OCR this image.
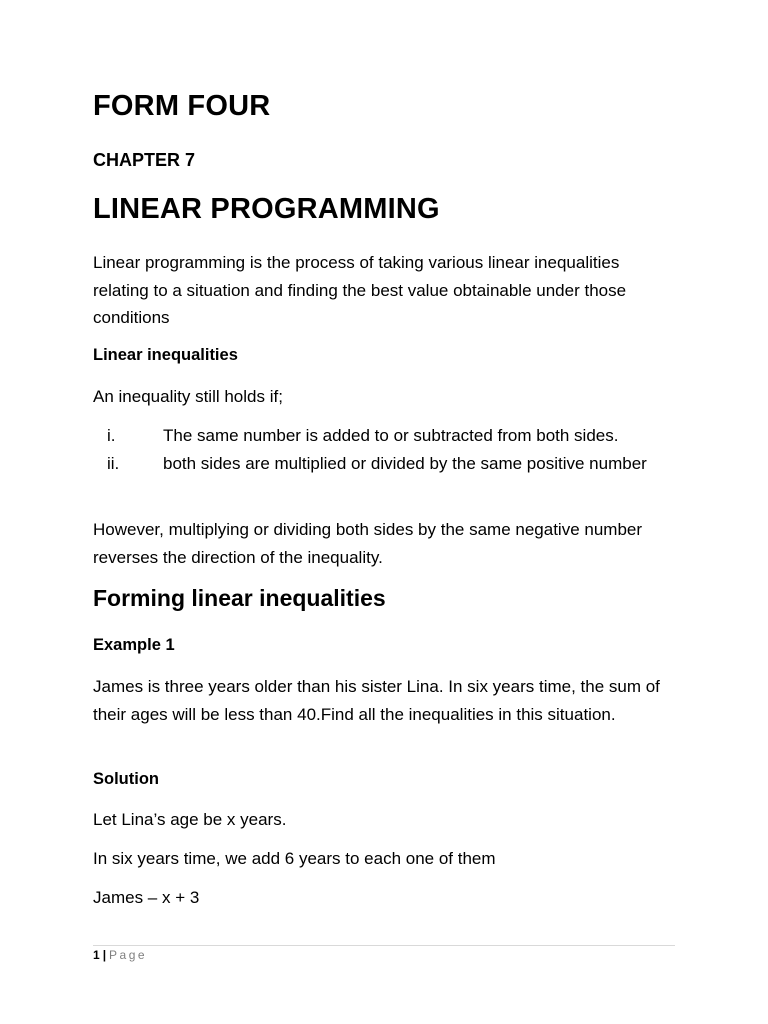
FORM FOUR
CHAPTER 7
LINEAR PROGRAMMING

Linear programming is the process of taking various linear inequalities relating to a situation and finding the best value obtainable under those conditions

Linear inequalities

An inequality still holds if;

i.	The same number is added to or subtracted from both sides.
ii.	both sides are multiplied or divided by the same positive number

However, multiplying or dividing both sides by the same negative number reverses the direction of the inequality.

Forming linear inequalities
Example 1

James is three years older than his sister Lina. In six years time, the sum of their ages will be less than 40.Find all the inequalities in this situation.

Solution

Let Lina’s age be x years.

In six years time, we add 6 years to each one of them

James – x + 3

1 | Page
